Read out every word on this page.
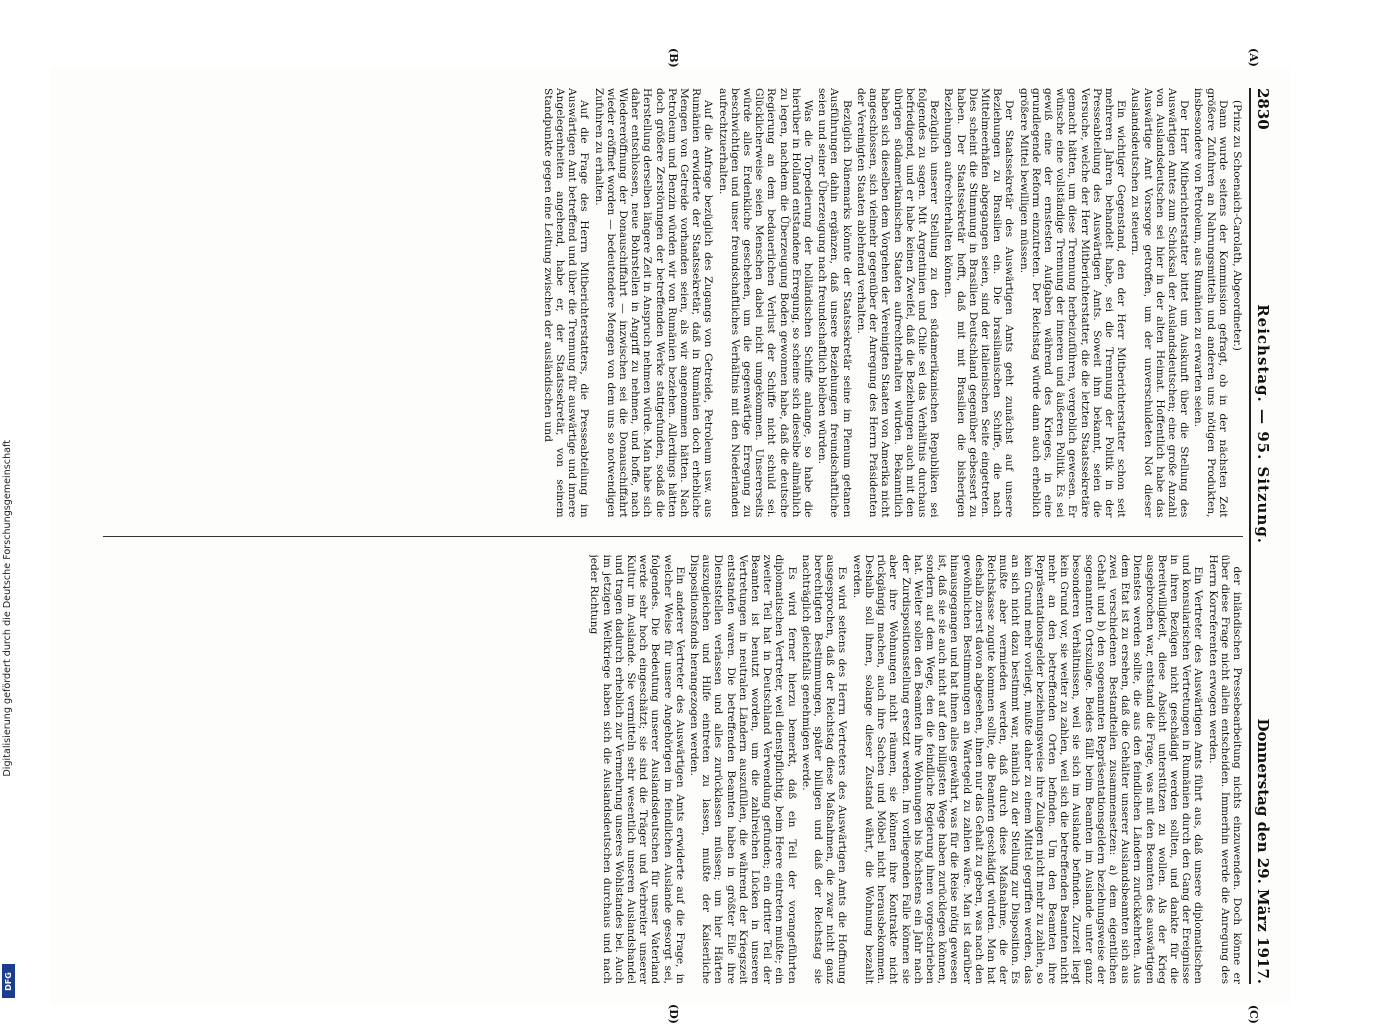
2830
Reichstag. — 95. Sitzung.
Donnerstag den 29. März 1917.

(Prinz zu Schoenaich-Carolath, Abgeordneter.)

Dann wurde seitens der Kommission gefragt, ob in der nächsten Zeit größere Zufuhren an Nahrungsmitteln und anderen uns nötigen Produkten, insbesondere von Petroleum, aus Rumänien zu erwarten seien.

Der Herr Mitberichterstatter bittet um Auskunft über die Stellung des Auswärtigen Amtes zum Schicksal der Auslandsdeutschen; eine große Anzahl von Auslandsdeutschen sei hier in der alten Heimat. Hoffentlich habe das Auswärtige Amt Vorsorge getroffen, um der unverschuldeten Not dieser Auslandsdeutschen zu steuern.

Ein wichtiger Gegenstand, den der Herr Mitberichterstatter schon seit mehreren Jahren behandelt habe, sei die Trennung der Politik in der Presseabteilung des Auswärtigen Amts. Soweit ihm bekannt, seien die Versuche, welche der Herr Mitberichterstatter, die die letzten Staatssekretäre gemacht hätten, um diese Trennung herbeizuführen, vergeblich gewesen. Er wünsche eine vollständige Trennung der inneren und äußeren Politik. Es sei gewiß eine der ernstesten Aufgaben während des Krieges, in eine grundlegende Reform einzutreten. Der Reichstag würde dann auch erheblich größere Mittel bewilligen müssen.

Der Staatssekretär des Auswärtigen Amts geht zunächst auf unsere Beziehungen zu Brasilien ein. Die brasilianischen Schiffe, die nach Mittelmeerhäfen abgegangen seien, sind der italienischen Seite eingetreten. Dies scheint die Stimmung in Brasilien Deutschland gegenüber gebessert zu haben. Der Staatssekretär hofft, daß mit mit Brasilien die bisherigen Beziehungen aufrechterhalten können.

Bezüglich unserer Stellung zu den südamerikanischen Republiken sei folgendes zu sagen. Mit Argentinien und Chile sei das Verhältnis durchaus befriedigend, und er habe keinen Zweifel, daß die Beziehungen auch mit den übrigen südamerikanischen Staaten aufrechterhalten würden. Bekanntlich haben sich dieselben dem Vorgehen der Vereinigten Staaten von Amerika nicht angeschlossen, sich vielmehr gegenüber der Anregung des Herrn Präsidenten der Vereinigten Staaten ablehnend verhalten.

Bezüglich Dänemarks könnte der Staatssekretär seine im Plenum getanen Ausführungen dahin ergänzen, daß unsere Beziehungen freundschaftliche seien und seiner Überzeugung nach freundschaftlich bleiben würden.

Was die Torpedierung der holländischen Schiffe anlange, so habe die hierüber in Holland entstandene Erregung, so scheine sich dieselbe allmählich zu legen, nachdem die Überzeugung Boden gewonnen habe, daß die deutsche Regierung an dem bedauerlichen Verlust der Schiffe nicht schuld sei. Glücklicherweise seien Menschen dabei nicht umgekommen. Unsererseits würde alles Erdenkliche geschehen, um die gegenwärtige Erregung zu beschwichtigen und unser freundschaftliches Verhältnis mit den Niederlanden aufrechtzuerhalten.

Auf die Anfrage bezüglich des Zugangs von Getreide, Petroleum usw. aus Rumänien erwiderte der Staatssekretär, daß in Rumänien doch erhebliche Mengen von Getreide vorhanden seien, als wir angenommen hätten. Nach Petroleum und Benzin würden wir von Rumänien beziehen. Allerdings hätten doch größere Zerstörungen der betreffenden Werke stattgefunden, sodaß die Herstellung derselben längere Zeit in Anspruch nehmen würde. Man habe sich daher entschlossen, neue Bohrstellen in Angriff zu nehmen, und hoffe, nach Wiedereröffnung der Donauschiffahrt — inzwischen sei die Donauschiffahrt wieder eröffnet worden — bedeutendere Mengen von dem uns so notwendigen Zufuhren zu erhalten.

Auf die Frage des Herrn Mitberichterstatters, die Presseabteilung im Auswärtigen Amt betreffend und über die Trennung für auswärtige und innere Angelegenheiten angehend, habe er, der Staatssekretär, von seinem Standpunkte gegen eine Leitung zwischen der ausländischen und

der inländischen Pressebearbeitung nichts einzuwenden. Doch könne er über diese Frage nicht allein entscheiden. Immerhin werde die Anregung des Herrn Korreferenten erwogen werden.

Ein Vertreter des Auswärtigen Amts führt aus, daß unsere diplomatischen und konsularischen Vertretungen in Rumänien durch den Gang der Ereignisse in ihren Bezügen nicht geschädigt werden sollten, und dankte für die Bereitwilligkeit, diese Absicht unterstützen zu wollen. Als der Krieg ausgebrochen war, entstand die Frage, was mit den Beamten des auswärtigen Dienstes werden sollte, die aus den feindlichen Ländern zurückkehrten. Aus dem Etat ist zu ersehen, daß die Gehälter unserer Auslandsbeamten sich aus zwei verschiedenen Bestandteilen zusammensetzen: a) dem eigentlichen Gehalt und b) den sogenannten Repräsentationsgeldern beziehungsweise der sogenannten Ortszulage. Beides fällt beim Beamten im Auslande unter ganz besonderen Verhältnissen, weil sie sich im Auslande befinden. Zurzeit liegt kein Grund vor, sie weiter zu zahlen, weil sich die betreffenden Beamten nicht mehr an den betreffenden Orten befinden. Um den Beamten ihre Repräsentationsgelder beziehungsweise ihre Zulagen nicht mehr zu zahlen, so kein Grund mehr vorliegt, mußte daher zu einem Mittel gegriffen werden, das an sich nicht dazu bestimmt war, nämlich zu der Stellung zur Disposition. Es mußte aber vermieden werden, daß durch diese Maßnahme, die der Reichskasse zugute kommen sollte, die Beamten geschädigt würden. Man hat deshalb zuerst davon abgesehen, ihnen nur das Gehalt zu geben, was nach den gewöhnlichen Bestimmungen an Wartegeld zu zahlen wäre. Man ist darüber hinausgegangen und hat ihnen alles gewährt, was für die Reise nötig gewesen ist, daß sie sie auch nicht auf den billigsten Wege haben zurücklegen können, sondern auf dem Wege, den die feindliche Regierung ihnen vorgeschrieben hat. Weiter sollen den Beamten ihre Wohnungen bis höchstens ein Jahr nach der Zurdispositionsstellung ersetzt werden. Im vorliegenden Falle können sie aber ihre Wohnungen nicht räumen, sie können ihre Kontrakte nicht rückgängig machen, auch ihre Sachen und Möbel nicht herausbekommen. Deshalb soll ihnen, solange dieser Zustand währt, die Wohnung bezahlt werden.

Es wird seitens des Herrn Vertreters des Auswärtigen Amts die Hoffnung ausgesprochen, daß der Reichstag diese Maßnahmen, die zwar nicht ganz berechtigten Bestimmungen, später billigen und daß der Reichstag sie nachträglich gleichfalls genehmigen werde.

Es wird ferner hierzu bemerkt, daß ein Teil der vorangeführten diplomatischen Vertreter, weil dienstpflichtig, beim Heere eintreten mußte; ein zweiter Teil hat in Deutschland Verwendung gefunden; ein dritter Teil der Beamten ist benutzt worden, um die zahlreichen Lücken in unseren Vertretungen in neutralen Ländern auszufüllen, die während der Kriegszeit entstanden waren. Die betreffenden Beamten haben in größter Eile ihre Dienststellen verlassen und alles zurücklassen müssen; um hier Härten auszugleichen und Hilfe eintreten zu lassen, mußte der Kaiserliche Dispositionsfonds herangezogen werden.

Ein anderer Vertreter des Auswärtigen Amts erwiderte auf die Frage, in welcher Weise für unsere Angehörigen im feindlichen Auslande gesorgt sei, folgendes. Die Bedeutung unserer Auslandsdeutschen für unser Vaterland werde sehr hoch eingeschätzt; sie sind die Träger und Verbreiter unserer Kultur im Auslande. Sie vermitteln sehr wesentlich unseren Auslandshandel und tragen dadurch erheblich zur Vermehrung unseres Wohlstandes bei. Auch im jetzigen Weltkriege haben sich die Auslandsdeutschen durchaus und nach jeder Richtung

(A)
(B)
(C)
(D)
Digitalisierung gefördert durch die Deutsche Forschungsgemeinschaft
DFG
